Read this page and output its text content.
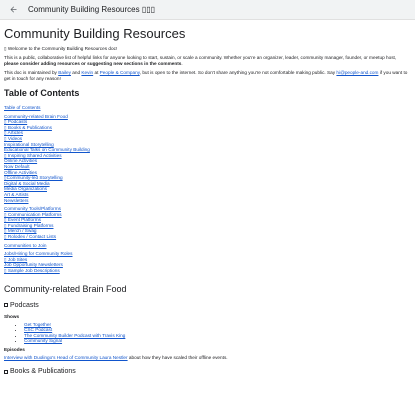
Community Building Resources ▯▯▯
Community Building Resources

▯ Welcome to the Community Building Resources doc!

This is a public, collaborative list of helpful links for anyone looking to start, sustain, or scale a community. Whether you're an organizer, leader, community manager, founder, or meetup host, please consider adding resources or suggesting new sections in the comments.

This doc is maintained by Bailey and Kevin at People & Company, but is open to the internet. So don't share anything you're not comfortable making public. Say hi@people-and.com if you want to get in touch for any reason!

Table of Contents
Table of Contents
Community-related Brain Food
▯ Podcasts
▯ Books & Publications
▯ Articles
▯ Videos
Inspirational Storytelling
Educational Talks on Community Building
▯ Inspiring Shared Activities
Online Activities
Now Default
Offline Activities
▯Community-led Storytelling
Digital & Social Media
Media Organizations
Art & Artists
Newsletters
Community Tools/Platforms
▯ Communication Platforms
▯ Event Platforms
▯ Fundraising Platforms
▯ Merch / Swag
▯ Rolodex / Contact Lists
Communities to Join
Jobs/Hiring for Community Roles
▯ Job Sites
Job Opportunity Newsletters
▯ Sample Job Descriptions
Community-related Brain Food
Podcasts
Shows
• Get Together
• CSC Podcast
• The Community Builder Podcast with Travis King
• Community Signal
Episodes

Interview with Duolingo's Head of Community Laura Nestler about how they have scaled their offline events.

Books & Publications
